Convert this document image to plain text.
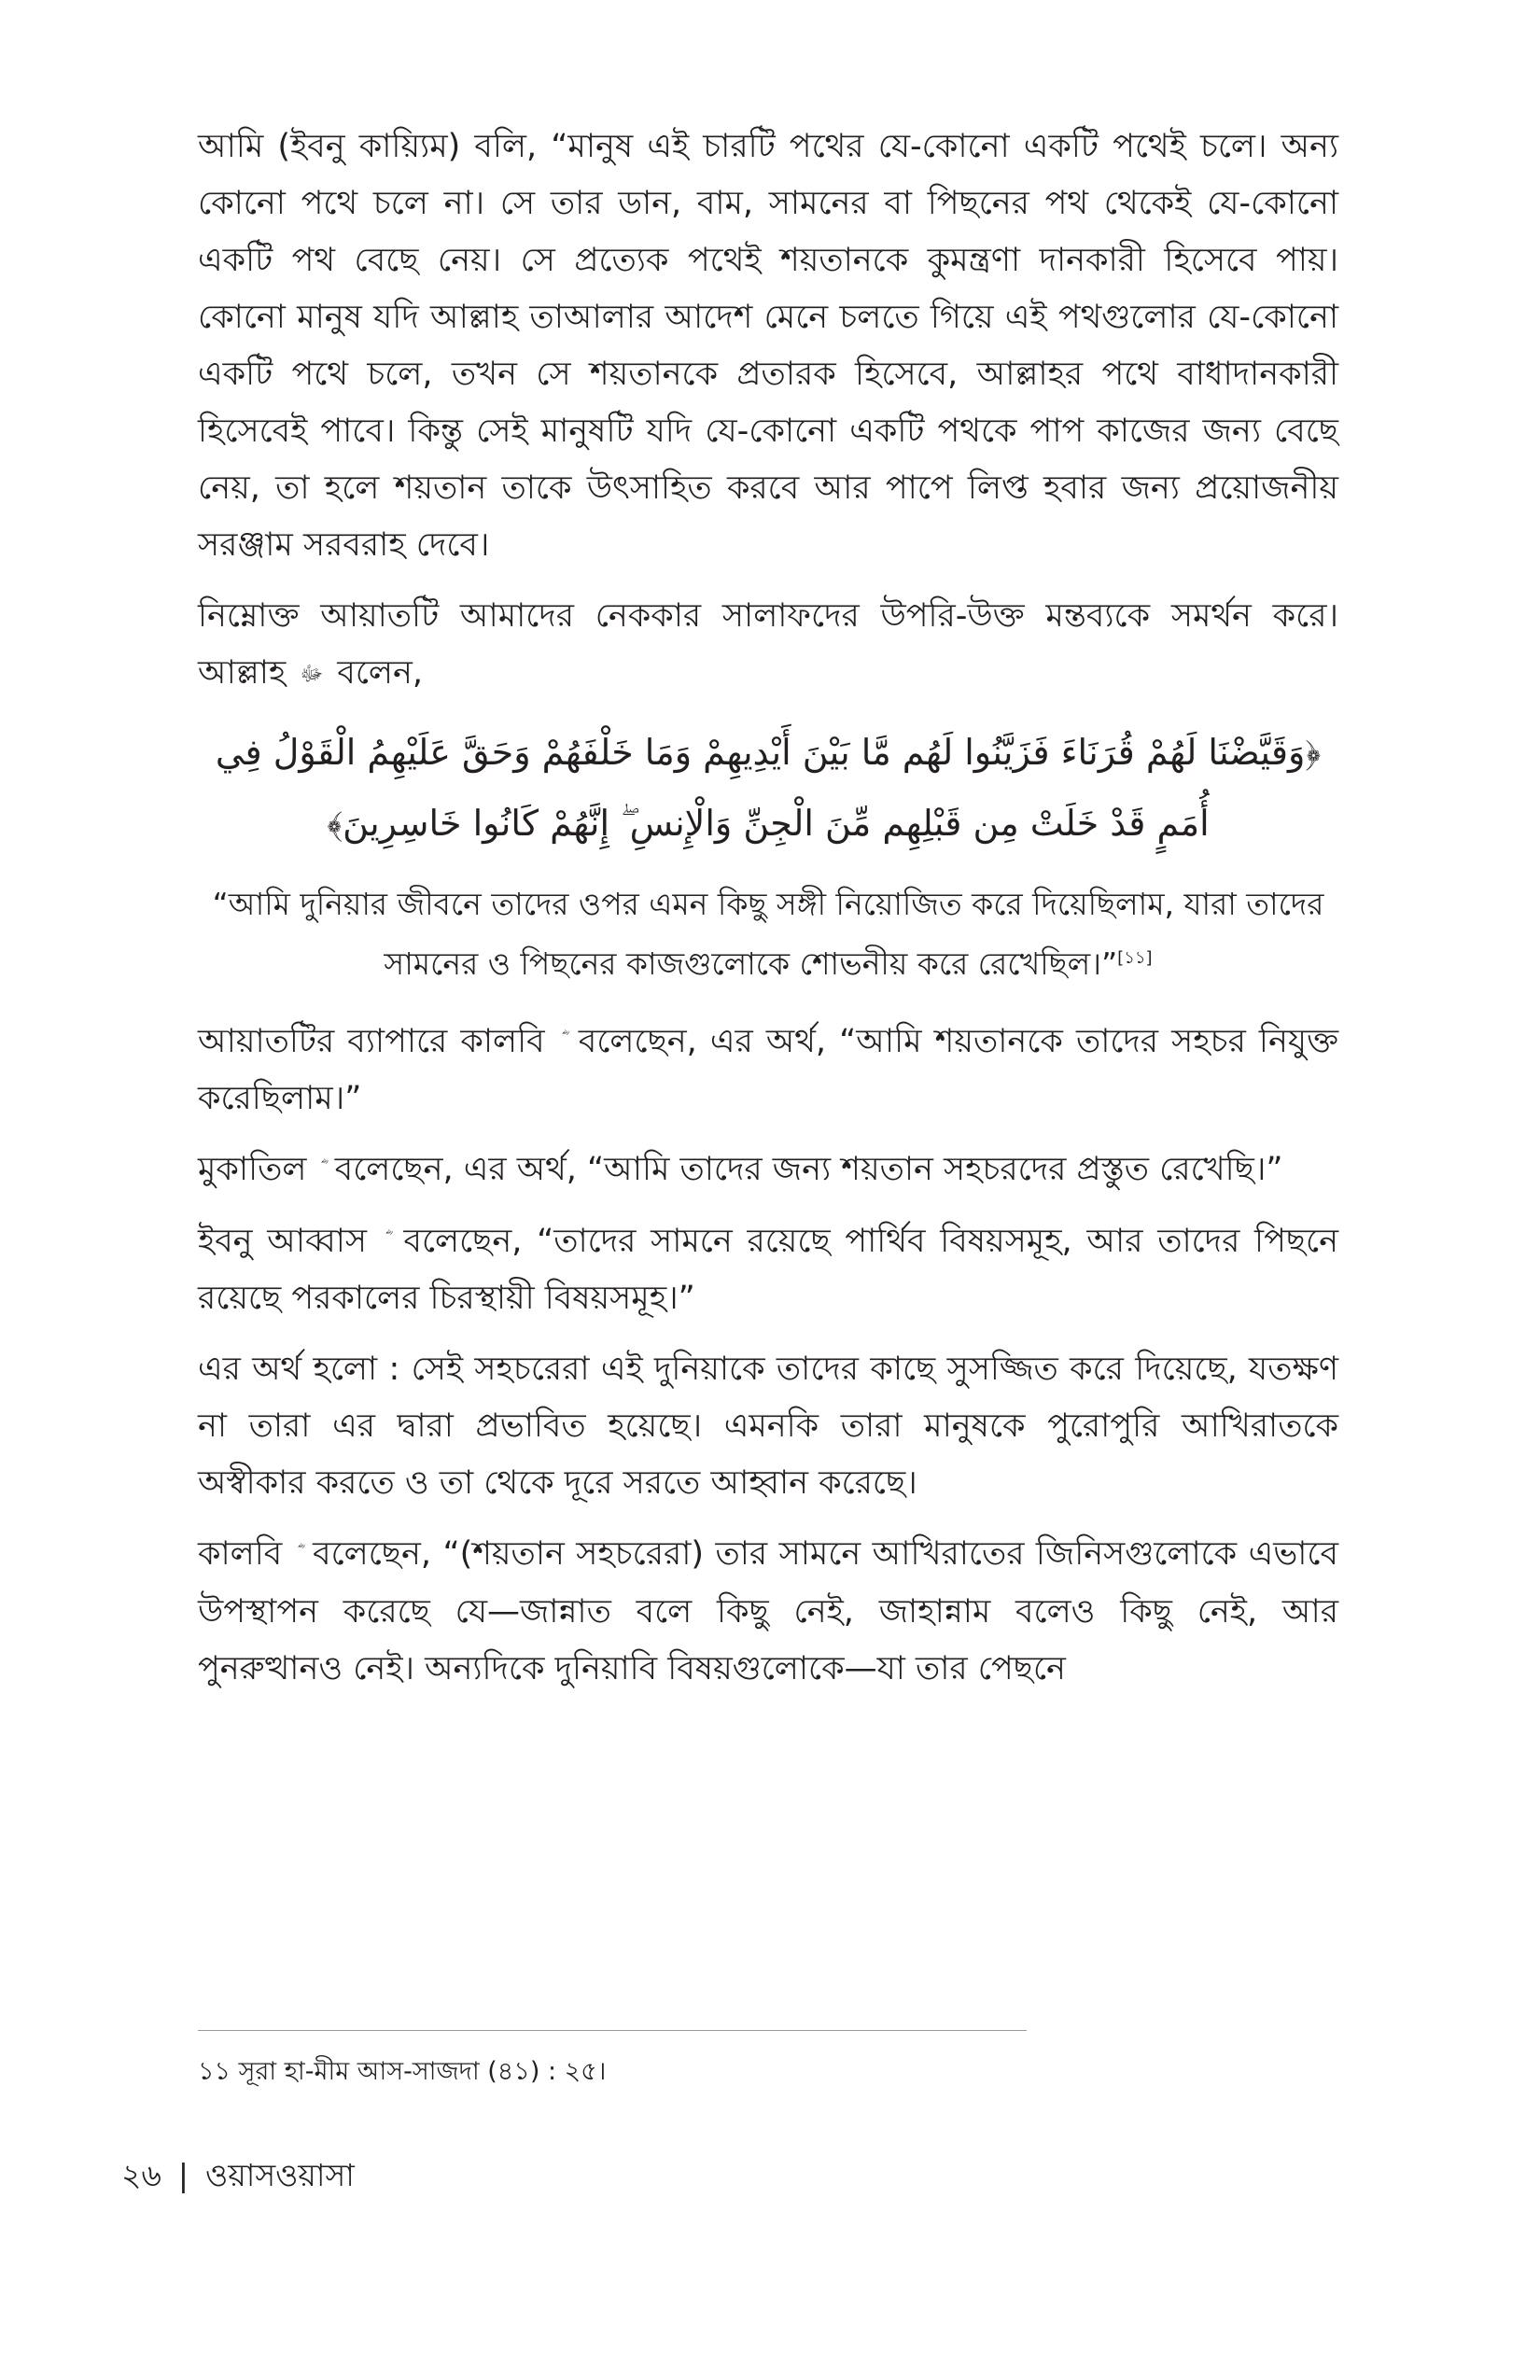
আমি (ইবনু কায়্যিম) বলি, “মানুষ এই চারটি পথের যে-কোনো একটি পথেই চলে। অন্য কোনো পথে চলে না। সে তার ডান, বাম, সামনের বা পিছনের পথ থেকেই যে-কোনো একটি পথ বেছে নেয়। সে প্রত্যেক পথেই শয়তানকে কুমন্ত্রণা দানকারী হিসেবে পায়। কোনো মানুষ যদি আল্লাহ তাআলার আদেশ মেনে চলতে গিয়ে এই পথগুলোর যে-কোনো একটি পথে চলে, তখন সে শয়তানকে প্রতারক হিসেবে, আল্লাহর পথে বাধাদানকারী হিসেবেই পাবে। কিন্তু সেই মানুষটি যদি যে-কোনো একটি পথকে পাপ কাজের জন্য বেছে নেয়, তা হলে শয়তান তাকে উৎসাহিত করবে আর পাপে লিপ্ত হবার জন্য প্রয়োজনীয় সরঞ্জাম সরবরাহ দেবে।

নিম্নোক্ত আয়াতটি আমাদের নেককার সালাফদের উপরি-উক্ত মন্তব্যকে সমর্থন করে। আল্লাহ ﷻ বলেন,

﴿وَقَيَّضْنَا لَهُمْ قُرَنَاءَ فَزَيَّنُوا لَهُم مَّا بَيْنَ أَيْدِيهِمْ وَمَا خَلْفَهُمْ وَحَقَّ عَلَيْهِمُ الْقَوْلُ فِي أُمَمٍ قَدْ خَلَتْ مِن قَبْلِهِم مِّنَ الْجِنِّ وَالْإِنسِ ۖ إِنَّهُمْ كَانُوا خَاسِرِينَ﴾

“আমি দুনিয়ার জীবনে তাদের ওপর এমন কিছু সঙ্গী নিয়োজিত করে দিয়েছিলাম, যারা তাদের সামনের ও পিছনের কাজগুলোকে শোভনীয় করে রেখেছিল।”[১১]

আয়াতটির ব্যাপারে কালবি বলেছেন, এর অর্থ, “আমি শয়তানকে তাদের সহচর নিযুক্ত করেছিলাম।”

মুকাতিল বলেছেন, এর অর্থ, “আমি তাদের জন্য শয়তান সহচরদের প্রস্তুত রেখেছি।”

ইবনু আব্বাস বলেছেন, “তাদের সামনে রয়েছে পার্থিব বিষয়সমূহ, আর তাদের পিছনে রয়েছে পরকালের চিরস্থায়ী বিষয়সমূহ।”

এর অর্থ হলো : সেই সহচরেরা এই দুনিয়াকে তাদের কাছে সুসজ্জিত করে দিয়েছে, যতক্ষণ না তারা এর দ্বারা প্রভাবিত হয়েছে। এমনকি তারা মানুষকে পুরোপুরি আখিরাতকে অস্বীকার করতে ও তা থেকে দূরে সরতে আহ্বান করেছে।

কালবি বলেছেন, “(শয়তান সহচরেরা) তার সামনে আখিরাতের জিনিসগুলোকে এভাবে উপস্থাপন করেছে যে—জান্নাত বলে কিছু নেই, জাহান্নাম বলেও কিছু নেই, আর পুনরুত্থানও নেই। অন্যদিকে দুনিয়াবি বিষয়গুলোকে—যা তার পেছনে

১১ সূরা হা-মীম আস-সাজদা (৪১) : ২৫।
২৬ | ওয়াসওয়াসা
